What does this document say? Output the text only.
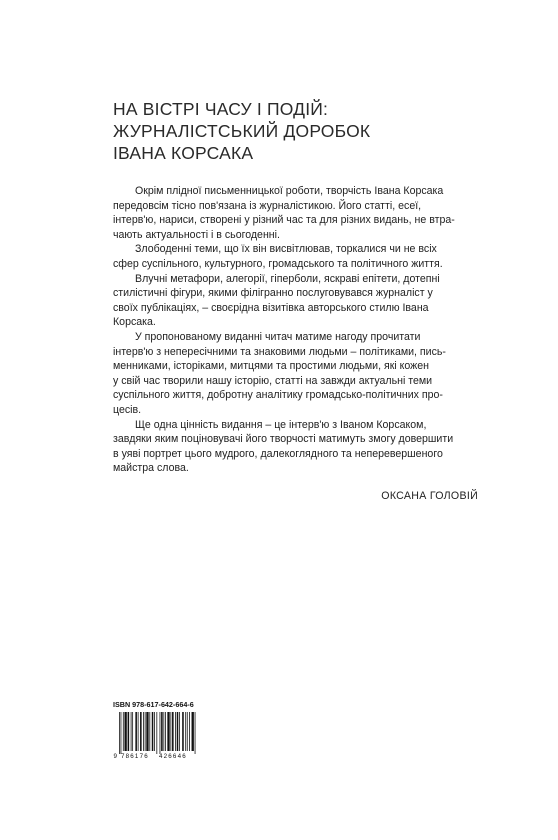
НА ВІСТРІ ЧАСУ І ПОДІЙ:
ЖУРНАЛІСТСЬКИЙ ДОРОБОК
ІВАНА КОРСАКА

Окрім плідної письменницької роботи, творчість Івана Корсака
передовсім тісно пов'язана із журналістикою. Його статті, есеї,
інтерв'ю, нариси, створені у різний час та для різних видань, не втра-
чають актуальності і в сьогоденні.

Злободенні теми, що їх він висвітлював, торкалися чи не всіх
сфер суспільного, культурного, громадського та політичного життя.

Влучні метафори, алегорії, гіперболи, яскраві епітети, дотепні
стилістичні фігури, якими філігранно послуговувався журналіст у
своїх публікаціях, – своєрідна візитівка авторського стилю Івана
Корсака.

У пропонованому виданні читач матиме нагоду прочитати
інтерв'ю з непересічними та знаковими людьми – політиками, пись-
менниками, історіками, митцями та простими людьми, які кожен
у свій час творили нашу історію, статті на завжди актуальні теми
суспільного життя, добротну аналітику громадсько-політичних про-
цесів.

Ще одна цінність видання – це інтерв'ю з Іваном Корсаком,
завдяки яким поціновувачі його творчості матимуть змогу довершити
в уяві портрет цього мудрого, далекоглядного та неперевершеного
майстра слова.

ОКСАНА ГОЛОВІЙ
ISBN 978-617-642-664-6
9 786176 426646
